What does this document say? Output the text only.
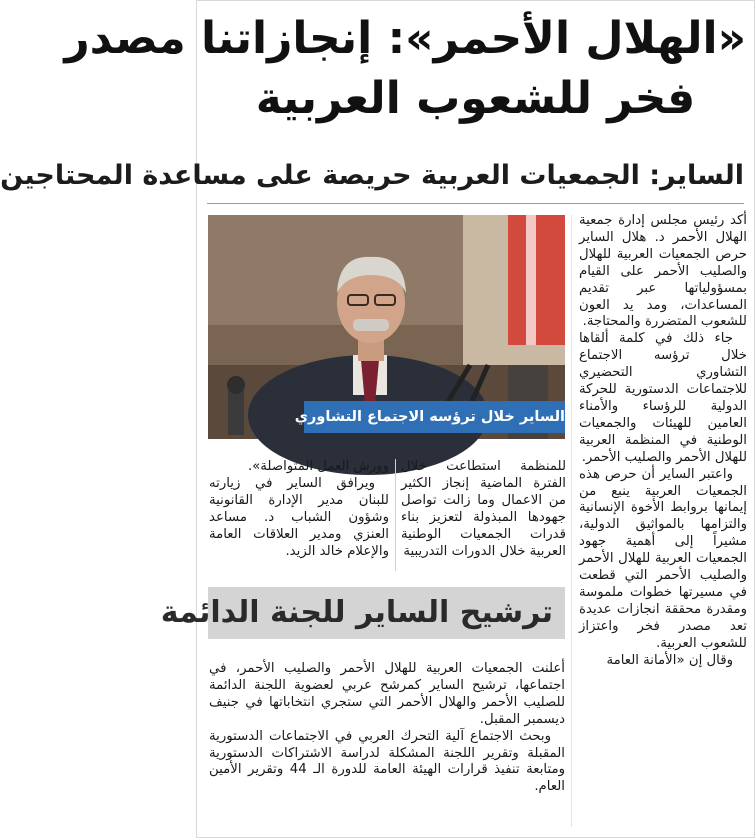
«الهلال الأحمر»: إنجازاتنا مصدر
فخر للشعوب العربية
الساير: الجمعيات العربية حريصة على مساعدة المحتاجين
الساير خلال ترؤسه الاجتماع التشاوري

أكد رئيس مجلس إدارة جمعية الهلال الأحمر د. هلال الساير حرص الجمعيات العربية للهلال والصليب الأحمر على القيام بمسؤولياتها عبر تقديم المساعدات، ومد يد العون للشعوب المتضررة والمحتاجة.

جاء ذلك في كلمة ألقاها خلال ترؤسه الاجتماع التشاوري التحضيري للاجتماعات الدستورية للحركة الدولية للرؤساء والأمناء العامين للهيئات والجمعيات الوطنية في المنظمة العربية للهلال الأحمر والصليب الأحمر.

واعتبر الساير أن حرص هذه الجمعيات العربية ينبع من إيمانها بروابط الأخوة الإنسانية والتزامها بالمواثيق الدولية، مشيراً إلى أهمية جهود الجمعيات العربية للهلال الأحمر والصليب الأحمر التي قطعت في مسيرتها خطوات ملموسة ومقدرة محققة انجازات عديدة تعد مصدر فخر واعتزاز للشعوب العربية.

وقال إن «الأمانة العامة

للمنظمة استطاعت خلال الفترة الماضية إنجاز الكثير من الاعمال وما زالت تواصل جهودها المبذولة لتعزيز بناء قدرات الجمعيات الوطنية العربية خلال الدورات التدريبية

وورش العمل المتواصلة».

ويرافق الساير في زيارته للبنان مدير الإدارة القانونية وشؤون الشباب د. مساعد العنزي ومدير العلاقات العامة والإعلام خالد الزيد.

ترشيح الساير للجنة الدائمة

أعلنت الجمعيات العربية للهلال الأحمر والصليب الأحمر، في اجتماعها، ترشيح الساير كمرشح عربي لعضوية اللجنة الدائمة للصليب الأحمر والهلال الأحمر التي ستجري انتخاباتها في جنيف ديسمبر المقبل.

وبحث الاجتماع آلية التحرك العربي في الاجتماعات الدستورية المقبلة وتقرير اللجنة المشكلة لدراسة الاشتراكات الدستورية ومتابعة تنفيذ قرارات الهيئة العامة للدورة الـ 44 وتقرير الأمين العام.
